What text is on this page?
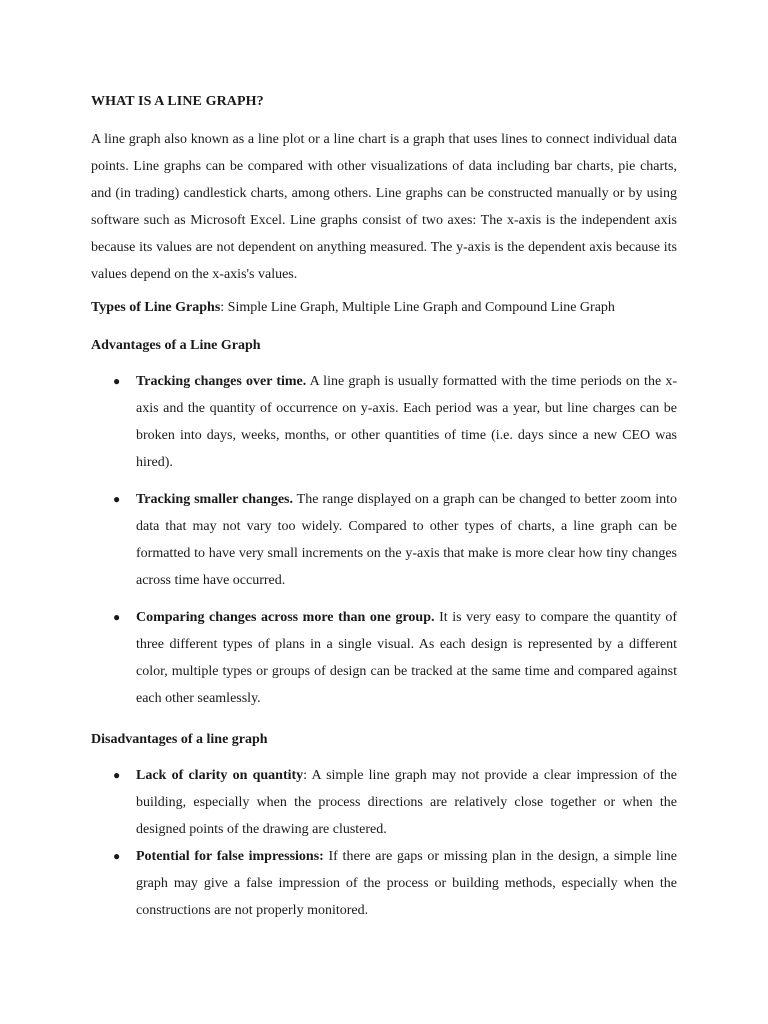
WHAT IS A LINE GRAPH?

A line graph also known as a line plot or a line chart is a graph that uses lines to connect individual data points. Line graphs can be compared with other visualizations of data including bar charts, pie charts, and (in trading) candlestick charts, among others. Line graphs can be constructed manually or by using software such as Microsoft Excel. Line graphs consist of two axes: The x-axis is the independent axis because its values are not dependent on anything measured. The y-axis is the dependent axis because its values depend on the x-axis's values.

Types of Line Graphs: Simple Line Graph, Multiple Line Graph and Compound Line Graph

Advantages of a Line Graph
● Tracking changes over time. A line graph is usually formatted with the time periods on the x-axis and the quantity of occurrence on y-axis. Each period was a year, but line charges can be broken into days, weeks, months, or other quantities of time (i.e. days since a new CEO was hired).
● Tracking smaller changes. The range displayed on a graph can be changed to better zoom into data that may not vary too widely. Compared to other types of charts, a line graph can be formatted to have very small increments on the y-axis that make is more clear how tiny changes across time have occurred.
● Comparing changes across more than one group. It is very easy to compare the quantity of three different types of plans in a single visual. As each design is represented by a different color, multiple types or groups of design can be tracked at the same time and compared against each other seamlessly.
Disadvantages of a line graph
● Lack of clarity on quantity: A simple line graph may not provide a clear impression of the building, especially when the process directions are relatively close together or when the designed points of the drawing are clustered.
● Potential for false impressions: If there are gaps or missing plan in the design, a simple line graph may give a false impression of the process or building methods, especially when the constructions are not properly monitored.
